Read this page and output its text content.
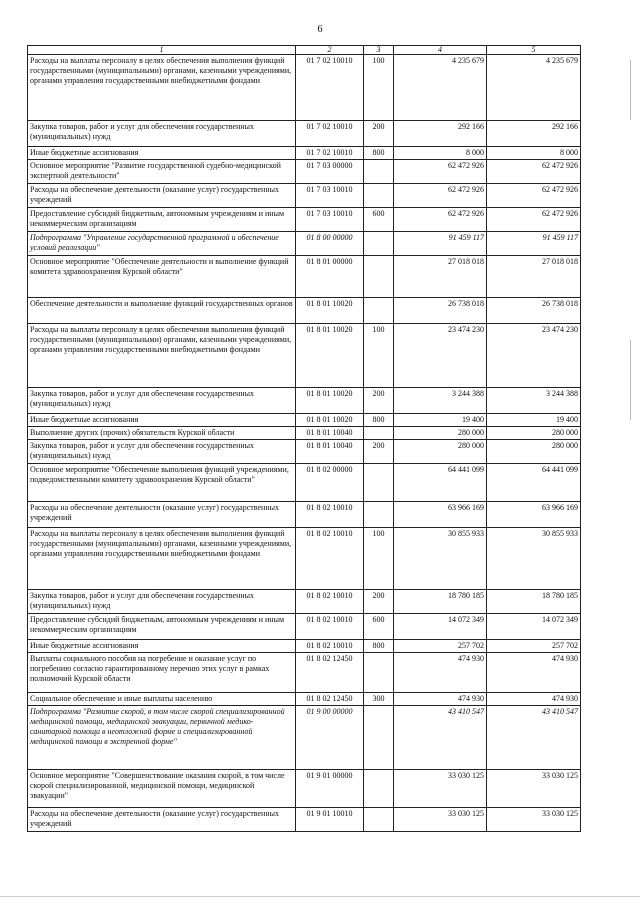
6
1	2	3	4	5
Расходы на выплаты персоналу в целях обеспечения выполнения функций государственными (муниципальными) органами, казенными учреждениями, органами управления государственными внебюджетными фондами	01 7 02 10010	100	4 235 679	4 235 679
Закупка товаров, работ и услуг для обеспечения государственных (муниципальных) нужд	01 7 02 10010	200	292 166	292 166
Иные бюджетные ассигнования	01 7 02 10010	800	8 000	8 000
Основное мероприятие "Развитие государственной судебно-медицинской экспертной деятельности"	01 7 03 00000		62 472 926	62 472 926
Расходы на обеспечение деятельности (оказание услуг) государственных учреждений	01 7 03 10010		62 472 926	62 472 926
Предоставление субсидий бюджетным, автономным учреждениям и иным некоммерческим организациям	01 7 03 10010	600	62 472 926	62 472 926
Подпрограмма "Управление государственной программой и обеспечение условий реализации"	01 8 00 00000		91 459 117	91 459 117
Основное мероприятие "Обеспечение деятельности и выполнение функций комитета здравоохранения Курской области"	01 8 01 00000		27 018 018	27 018 018
Обеспечение деятельности и выполнение функций государственных органов	01 8 01 10020		26 738 018	26 738 018
Расходы на выплаты персоналу в целях обеспечения выполнения функций государственными (муниципальными) органами, казенными учреждениями, органами управления государственными внебюджетными фондами	01 8 01 10020	100	23 474 230	23 474 230
Закупка товаров, работ и услуг для обеспечения государственных (муниципальных) нужд	01 8 01 10020	200	3 244 388	3 244 388
Иные бюджетные ассигнования	01 8 01 10020	800	19 400	19 400
Выполнение других (прочих) обязательств Курской области	01 8 01 10040		280 000	280 000
Закупка товаров, работ и услуг для обеспечения государственных (муниципальных) нужд	01 8 01 10040	200	280 000	280 000
Основное мероприятие "Обеспечение выполнения функций учреждениями, подведомственными комитету здравоохранения Курской области"	01 8 02 00000		64 441 099	64 441 099
Расходы на обеспечение деятельности (оказание услуг) государственных учреждений	01 8 02 10010		63 966 169	63 966 169
Расходы на выплаты персоналу в целях обеспечения выполнения функций государственными (муниципальными) органами, казенными учреждениями, органами управления государственными внебюджетными фондами	01 8 02 10010	100	30 855 933	30 855 933
Закупка товаров, работ и услуг для обеспечения государственных (муниципальных) нужд	01 8 02 10010	200	18 780 185	18 780 185
Предоставление субсидий бюджетным, автономным учреждениям и иным некоммерческим организациям	01 8 02 10010	600	14 072 349	14 072 349
Иные бюджетные ассигнования	01 8 02 10010	800	257 702	257 702
Выплаты социального пособия на погребение и оказание услуг по погребению согласно гарантированному перечню этих услуг в рамках полномочий Курской области	01 8 02 12450		474 930	474 930
Социальное обеспечение и иные выплаты населению	01 8 02 12450	300	474 930	474 930
Подпрограмма "Развитие скорой, в том числе скорой специализированной медицинской помощи, медицинской эвакуации, первичной медико-санитарной помощи в неотложной форме и специализированной медицинской помощи в экстренной форме"	01 9 00 00000		43 410 547	43 410 547
Основное мероприятие "Совершенствование оказания скорой, в том числе скорой специализированной, медицинской помощи, медицинской эвакуации"	01 9 01 00000		33 030 125	33 030 125
Расходы на обеспечение деятельности (оказание услуг) государственных учреждений	01 9 01 10010		33 030 125	33 030 125
